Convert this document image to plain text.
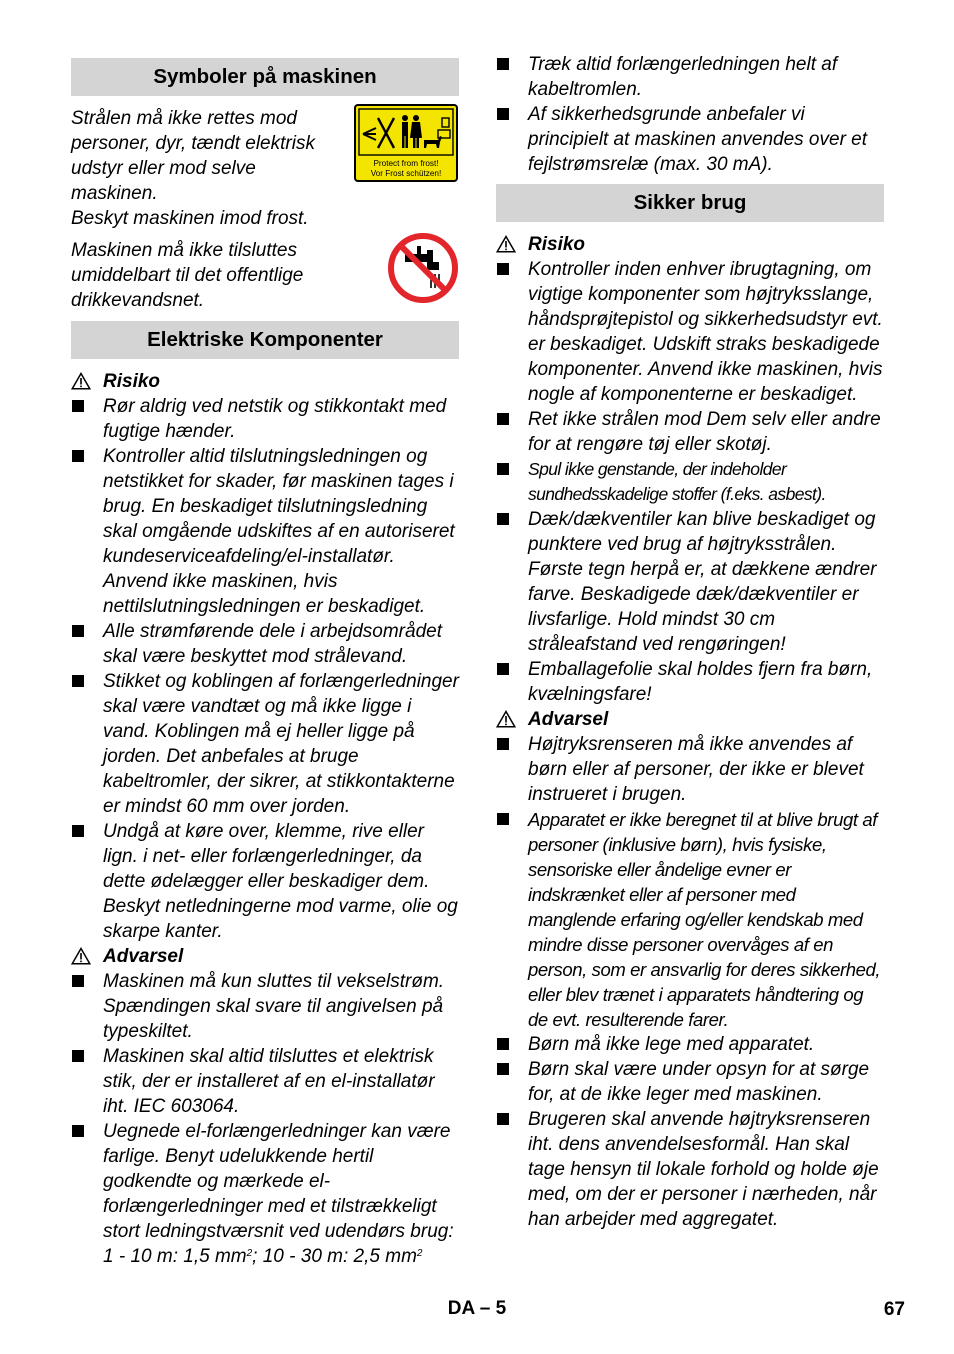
Symboler på maskinen

Strålen må ikke rettes mod personer, dyr, tændt elektrisk udstyr eller mod selve maskinen.

Beskyt maskinen imod frost.

Protect from frost!
Vor Frost schützen!

Maskinen må ikke tilsluttes umiddelbart til det offentlige drikkevandsnet.

Elektriske Komponenter
Risiko
Rør aldrig ved netstik og stikkontakt med fugtige hænder.
Kontroller altid tilslutningsledningen og netstikket for skader, før maskinen tages i brug. En beskadiget tilslutningsledning skal omgående udskiftes af en autoriseret kundeserviceafdeling/el-installatør. Anvend ikke maskinen, hvis nettilslutningsledningen er beskadiget.
Alle strømførende dele i arbejdsområdet skal være beskyttet mod strålevand.
Stikket og koblingen af forlængerledninger skal være vandtæt og må ikke ligge i vand. Koblingen må ej heller ligge på jorden. Det anbefales at bruge kabeltromler, der sikrer, at stikkontakterne er mindst 60 mm over jorden.
Undgå at køre over, klemme, rive eller lign. i net- eller forlængerledninger, da dette ødelægger eller beskadiger dem. Beskyt netledningerne mod varme, olie og skarpe kanter.
Advarsel
Maskinen må kun sluttes til vekselstrøm. Spændingen skal svare til angivelsen på typeskiltet.
Maskinen skal altid tilsluttes et elektrisk stik, der er installeret af en el-installatør iht. IEC 603064.
Uegnede el-forlængerledninger kan være farlige. Benyt udelukkende hertil godkendte og mærkede el-forlængerledninger med et tilstrækkeligt stort ledningstværsnit ved udendørs brug:
1 - 10 m: 1,5 $mm^2$; 10 - 30 m: 2,5 $mm^2$
Træk altid forlængerledningen helt af kabeltromlen.
Af sikkerhedsgrunde anbefaler vi principielt at maskinen anvendes over et fejlstrømsrelæ (max. 30 mA).
Sikker brug
Risiko
Kontroller inden enhver ibrugtagning, om vigtige komponenter som højtryksslange, håndsprøjtepistol og sikkerhedsudstyr evt. er beskadiget. Udskift straks beskadigede komponenter. Anvend ikke maskinen, hvis nogle af komponenterne er beskadiget.
Ret ikke strålen mod Dem selv eller andre for at rengøre tøj eller skotøj.
Spul ikke genstande, der indeholder sundhedsskadelige stoffer (f.eks. asbest).
Dæk/dækventiler kan blive beskadiget og punktere ved brug af højtryksstrålen. Første tegn herpå er, at dækkene ændrer farve. Beskadigede dæk/dækventiler er livsfarlige. Hold mindst 30 cm stråleafstand ved rengøringen!
Emballagefolie skal holdes fjern fra børn, kvælningsfare!
Advarsel
Højtryksrenseren må ikke anvendes af børn eller af personer, der ikke er blevet instrueret i brugen.
Apparatet er ikke beregnet til at blive brugt af personer (inklusive børn), hvis fysiske, sensoriske eller åndelige evner er indskrænket eller af personer med manglende erfaring og/eller kendskab med mindre disse personer overvåges af en person, som er ansvarlig for deres sikkerhed, eller blev trænet i apparatets håndtering og de evt. resulterende farer.
Børn må ikke lege med apparatet.
Børn skal være under opsyn for at sørge for, at de ikke leger med maskinen.
Brugeren skal anvende højtryksrenseren iht. dens anvendelsesformål. Han skal tage hensyn til lokale forhold og holde øje med, om der er personer i nærheden, når han arbejder med aggregatet.
DA – 5	67
